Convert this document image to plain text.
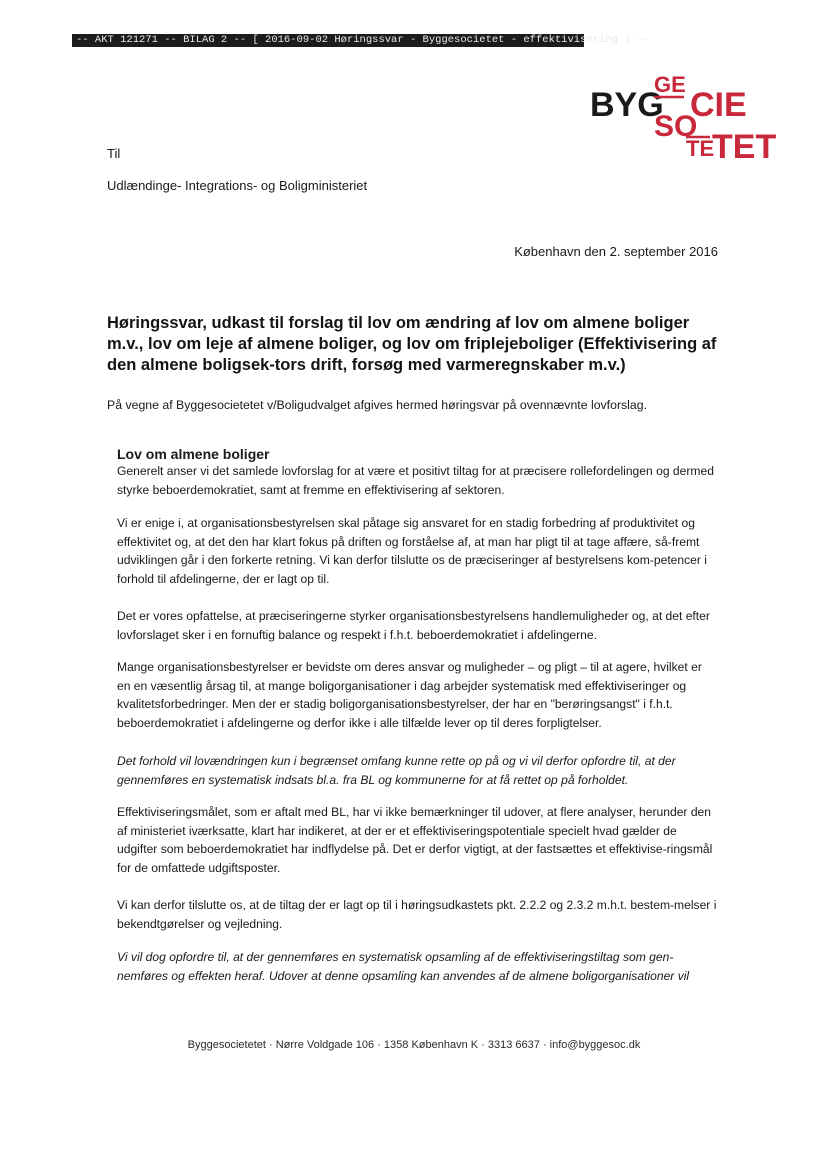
-- AKT 121271 -- BILAG 2 -- [ 2016-09-02 Høringssvar - Byggesocietet - effektivisering ] --
BYG
GE
SO
CIE
TE
TET
Til
Udlændinge- Integrations- og Boligministeriet
København den 2. september 2016
Høringssvar, udkast til forslag til lov om ændring af lov om almene boliger m.v., lov om leje af almene boliger, og lov om friplejeboliger (Effektivisering af den almene boligsek-tors drift, forsøg med varmeregnskaber m.v.)
På vegne af Byggesocietetet v/Boligudvalget afgives hermed høringsvar på ovennævnte lovforslag.
Lov om almene boliger
Generelt anser vi det samlede lovforslag for at være et positivt tiltag for at præcisere rollefordelingen og dermed styrke beboerdemokratiet, samt at fremme en effektivisering af sektoren.
Vi er enige i, at organisationsbestyrelsen skal påtage sig ansvaret for en stadig forbedring af produktivitet og effektivitet og, at det den har klart fokus på driften og forståelse af, at man har pligt til at tage affære, så-fremt udviklingen går i den forkerte retning. Vi kan derfor tilslutte os de præciseringer af bestyrelsens kom-petencer i forhold til afdelingerne, der er lagt op til.
Det er vores opfattelse, at præciseringerne styrker organisationsbestyrelsens handlemuligheder og, at det efter lovforslaget sker i en fornuftig balance og respekt i f.h.t. beboerdemokratiet i afdelingerne.
Mange organisationsbestyrelser er bevidste om deres ansvar og muligheder – og pligt – til at agere, hvilket er en en væsentlig årsag til, at mange boligorganisationer i dag arbejder systematisk med effektiviseringer og kvalitetsforbedringer. Men der er stadig boligorganisationsbestyrelser, der har en "berøringsangst" i f.h.t. beboerdemokratiet i afdelingerne og derfor ikke i alle tilfælde lever op til deres forpligtelser.
Det forhold vil lovændringen kun i begrænset omfang kunne rette op på og vi vil derfor opfordre til, at der gennemføres en systematisk indsats bl.a. fra BL og kommunerne for at få rettet op på forholdet.
Effektiviseringsmålet, som er aftalt med BL, har vi ikke bemærkninger til udover, at flere analyser, herunder den af ministeriet iværksatte, klart har indikeret, at der er et effektiviseringspotentiale specielt hvad gælder de udgifter som beboerdemokratiet har indflydelse på. Det er derfor vigtigt, at der fastsættes et effektivise-ringsmål for de omfattede udgiftsposter.
Vi kan derfor tilslutte os, at de tiltag der er lagt op til i høringsudkastets pkt. 2.2.2 og 2.3.2 m.h.t. bestem-melser i bekendtgørelser og vejledning.
Vi vil dog opfordre til, at der gennemføres en systematisk opsamling af de effektiviseringstiltag som gen-nemføres og effekten heraf. Udover at denne opsamling kan anvendes af de almene boligorganisationer vil
Byggesocietetet · Nørre Voldgade 106 · 1358 København K · 3313 6637 · info@byggesoc.dk
